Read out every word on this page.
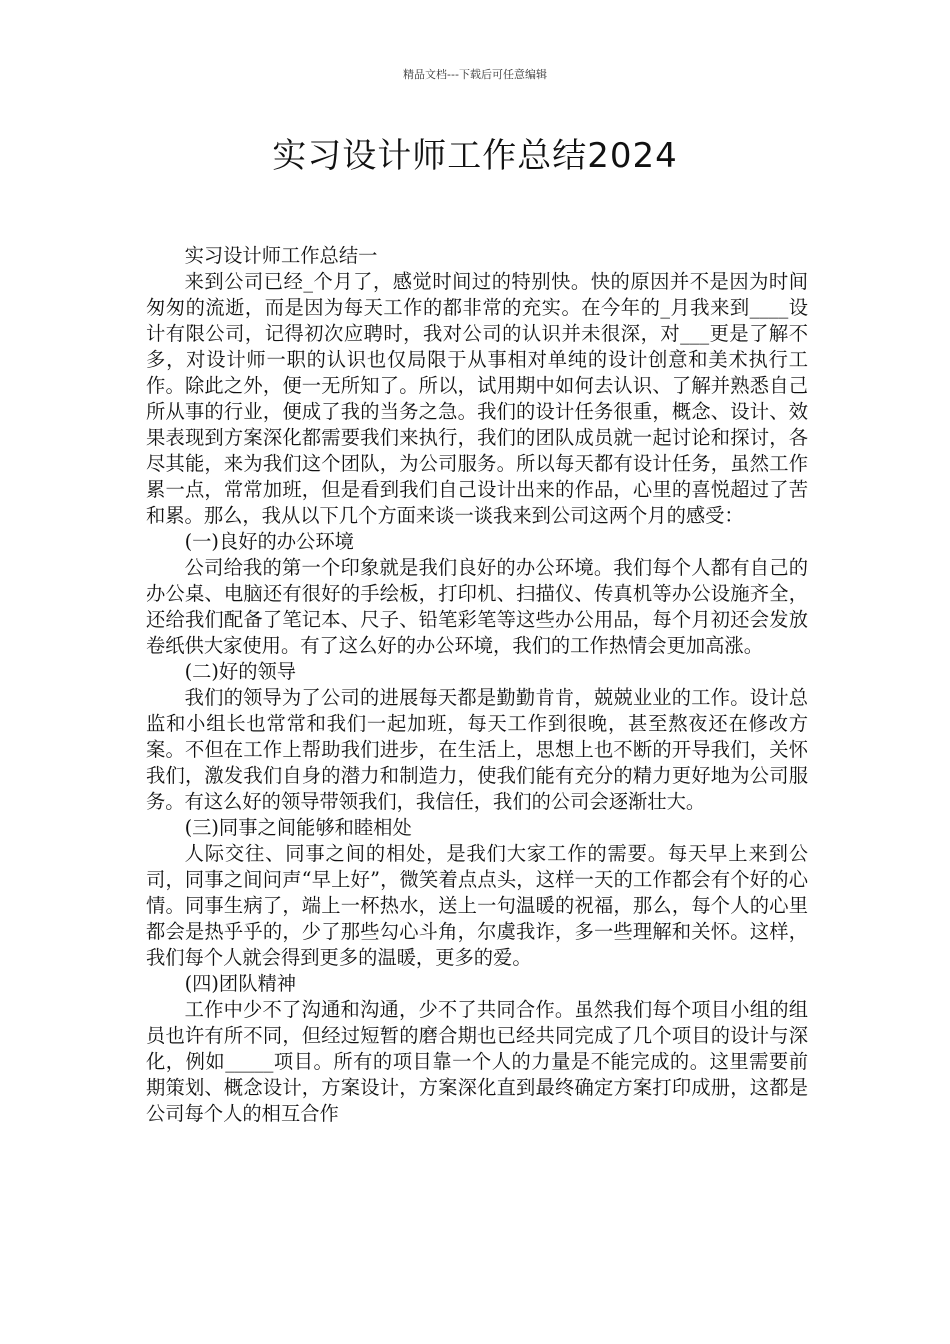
精品文档---下载后可任意编辑
实习设计师工作总结2024

实习设计师工作总结一

来到公司已经_个月了，感觉时间过的特别快。快的原因并不是因为时间匆匆的流逝，而是因为每天工作的都非常的充实。在今年的_月我来到____设计有限公司，记得初次应聘时，我对公司的认识并未很深，对___更是了解不多，对设计师一职的认识也仅局限于从事相对单纯的设计创意和美术执行工作。除此之外，便一无所知了。所以，试用期中如何去认识、了解并熟悉自己所从事的行业，便成了我的当务之急。我们的设计任务很重，概念、设计、效果表现到方案深化都需要我们来执行，我们的团队成员就一起讨论和探讨，各尽其能，来为我们这个团队，为公司服务。所以每天都有设计任务，虽然工作累一点，常常加班，但是看到我们自己设计出来的作品，心里的喜悦超过了苦和累。那么，我从以下几个方面来谈一谈我来到公司这两个月的感受：

(一)良好的办公环境

公司给我的第一个印象就是我们良好的办公环境。我们每个人都有自己的办公桌、电脑还有很好的手绘板，打印机、扫描仪、传真机等办公设施齐全，还给我们配备了笔记本、尺子、铅笔彩笔等这些办公用品，每个月初还会发放卷纸供大家使用。有了这么好的办公环境，我们的工作热情会更加高涨。

(二)好的领导

我们的领导为了公司的进展每天都是勤勤肯肯，兢兢业业的工作。设计总监和小组长也常常和我们一起加班，每天工作到很晚，甚至熬夜还在修改方案。不但在工作上帮助我们进步，在生活上，思想上也不断的开导我们，关怀我们，激发我们自身的潜力和制造力，使我们能有充分的精力更好地为公司服务。有这么好的领导带领我们，我信任，我们的公司会逐渐壮大。

(三)同事之间能够和睦相处

人际交往、同事之间的相处，是我们大家工作的需要。每天早上来到公司，同事之间问声“早上好”，微笑着点点头，这样一天的工作都会有个好的心情。同事生病了，端上一杯热水，送上一句温暖的祝福，那么，每个人的心里都会是热乎乎的，少了那些勾心斗角，尔虞我诈，多一些理解和关怀。这样，我们每个人就会得到更多的温暖，更多的爱。

(四)团队精神

工作中少不了沟通和沟通，少不了共同合作。虽然我们每个项目小组的组员也许有所不同，但经过短暂的磨合期也已经共同完成了几个项目的设计与深化，例如_____项目。所有的项目靠一个人的力量是不能完成的。这里需要前期策划、概念设计，方案设计，方案深化直到最终确定方案打印成册，这都是公司每个人的相互合作
